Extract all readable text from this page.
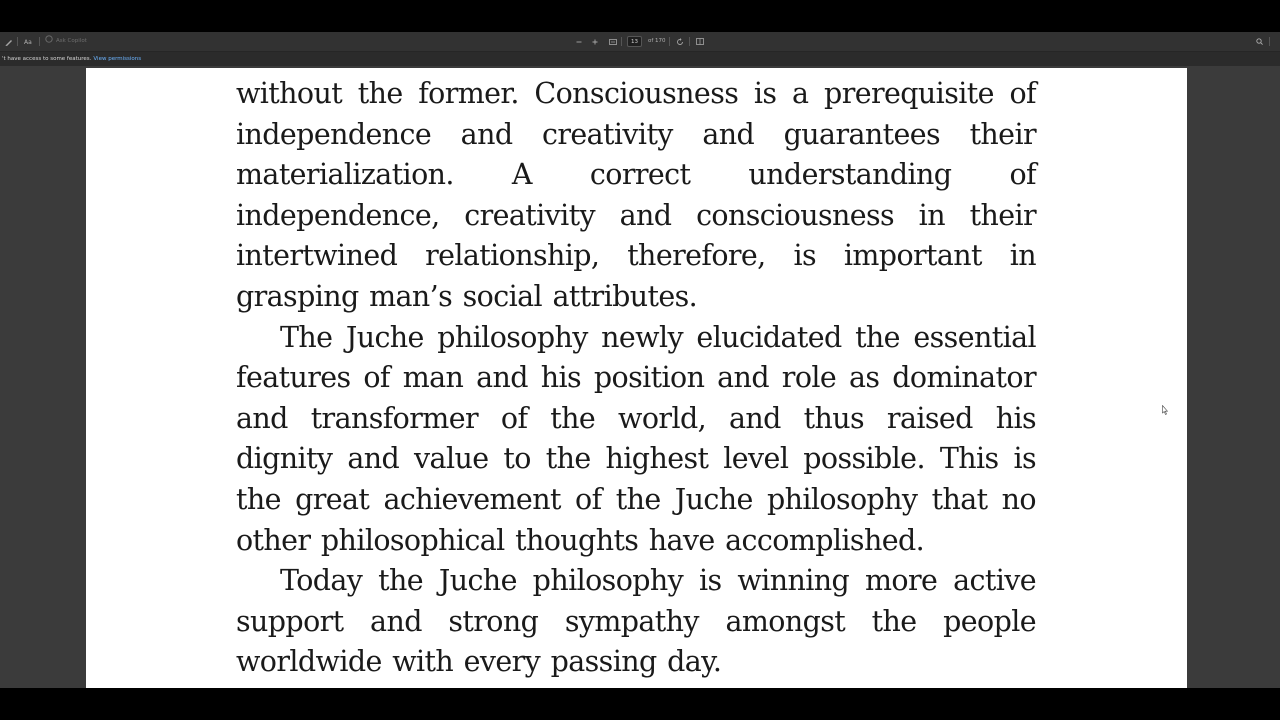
Aa	Ask Copilot	13	of 170
't have access to some features. View permissions

without the former. Consciousness is a prerequisite of independence and creativity and guarantees their materialization. A correct understanding of independence, creativity and consciousness in their intertwined relationship, therefore, is important in grasping man’s social attributes.

The Juche philosophy newly elucidated the essential features of man and his position and role as dominator and transformer of the world, and thus raised his dignity and value to the highest level possible. This is the great achievement of the Juche philosophy that no other philosophical thoughts have accomplished.

Today the Juche philosophy is winning more active support and strong sympathy amongst the people worldwide with every passing day.
